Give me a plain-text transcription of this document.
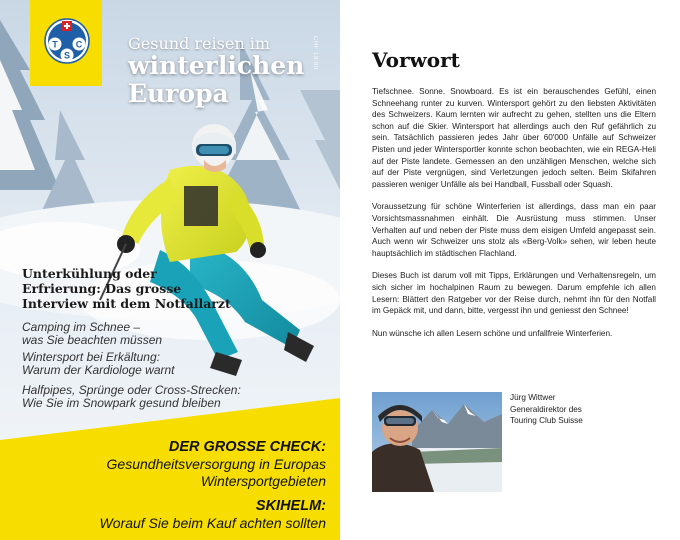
T C
S	CHF 19.80
Gesund reisen im
winterlichen
Europa
Unterkühlung oder
Erfrierung: Das grosse
Interview mit dem Notfallarzt
Camping im Schnee –
was Sie beachten müssen
Wintersport bei Erkältung:
Warum der Kardiologe warnt
Halfpipes, Sprünge oder Cross-Strecken:
Wie Sie im Snowpark gesund bleiben
DER GROSSE CHECK:
Gesundheitsversorgung in Europas
Wintersportgebieten
SKIHELM:
Worauf Sie beim Kauf achten sollten
Vorwort

Tiefschnee. Sonne. Snowboard. Es ist ein berauschendes Gefühl, einen Schneehang runter zu kurven. Wintersport gehört zu den liebsten Aktivitäten des Schweizers. Kaum lernten wir aufrecht zu gehen, stellten uns die Eltern schon auf die Skier. Wintersport hat allerdings auch den Ruf gefährlich zu sein. Tatsächlich passieren jedes Jahr über 60'000 Unfälle auf Schweizer Pisten und jeder Wintersportler konnte schon beobachten, wie ein REGA-Heli auf der Piste landete. Gemessen an den unzähligen Menschen, welche sich auf der Piste vergnügen, sind Verletzungen jedoch selten. Beim Skifahren passieren weniger Unfälle als bei Handball, Fussball oder Squash.

Voraussetzung für schöne Winterferien ist allerdings, dass man ein paar Vorsichtsmassnahmen einhält. Die Ausrüstung muss stimmen. Unser Verhalten auf und neben der Piste muss dem eisigen Umfeld angepasst sein. Auch wenn wir Schweizer uns stolz als «Berg-Volk» sehen, wir leben heute hauptsächlich im städtischen Flachland.

Dieses Buch ist darum voll mit Tipps, Erklärungen und Verhaltensregeln, um sich sicher im hochalpinen Raum zu bewegen. Darum empfehle ich allen Lesern: Blättert den Ratgeber vor der Reise durch, nehmt ihn für den Notfall im Gepäck mit, und dann, bitte, vergesst ihn und geniesst den Schnee!

Nun wünsche ich allen Lesern schöne und unfallfreie Winterferien.

Jürg Wittwer
Generaldirektor des
Touring Club Suisse
